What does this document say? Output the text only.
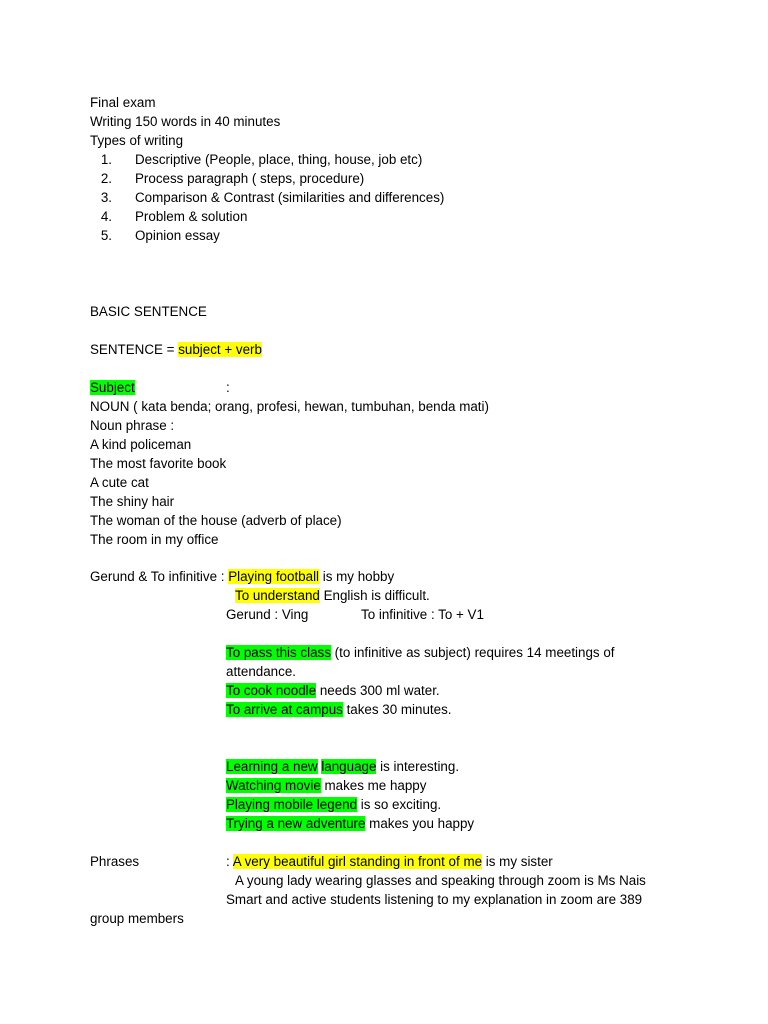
Final exam
Writing 150 words in 40 minutes
Types of writing
1. Descriptive (People, place, thing, house, job etc)
2. Process paragraph ( steps, procedure)
3. Comparison & Contrast (similarities and differences)
4. Problem & solution
5. Opinion essay
BASIC SENTENCE
SENTENCE = subject + verb
Subject	:
NOUN ( kata benda; orang, profesi, hewan, tumbuhan, benda mati)
Noun phrase :
A kind policeman
The most favorite book
A cute cat
The shiny hair
The woman of the house (adverb of place)
The room in my office
Gerund & To infinitive : Playing football is my hobby
To understand English is difficult.
Gerund : Ving	To infinitive : To + V1
To pass this class (to infinitive as subject) requires 14 meetings of
attendance.
To cook noodle needs 300 ml water.
To arrive at campus takes 30 minutes.
Learning a new language is interesting.
Watching movie makes me happy
Playing mobile legend is so exciting.
Trying a new adventure makes you happy
Phrases	: A very beautiful girl standing in front of me is my sister
A young lady wearing glasses and speaking through zoom is Ms Nais
Smart and active students listening to my explanation in zoom are 389
group members
